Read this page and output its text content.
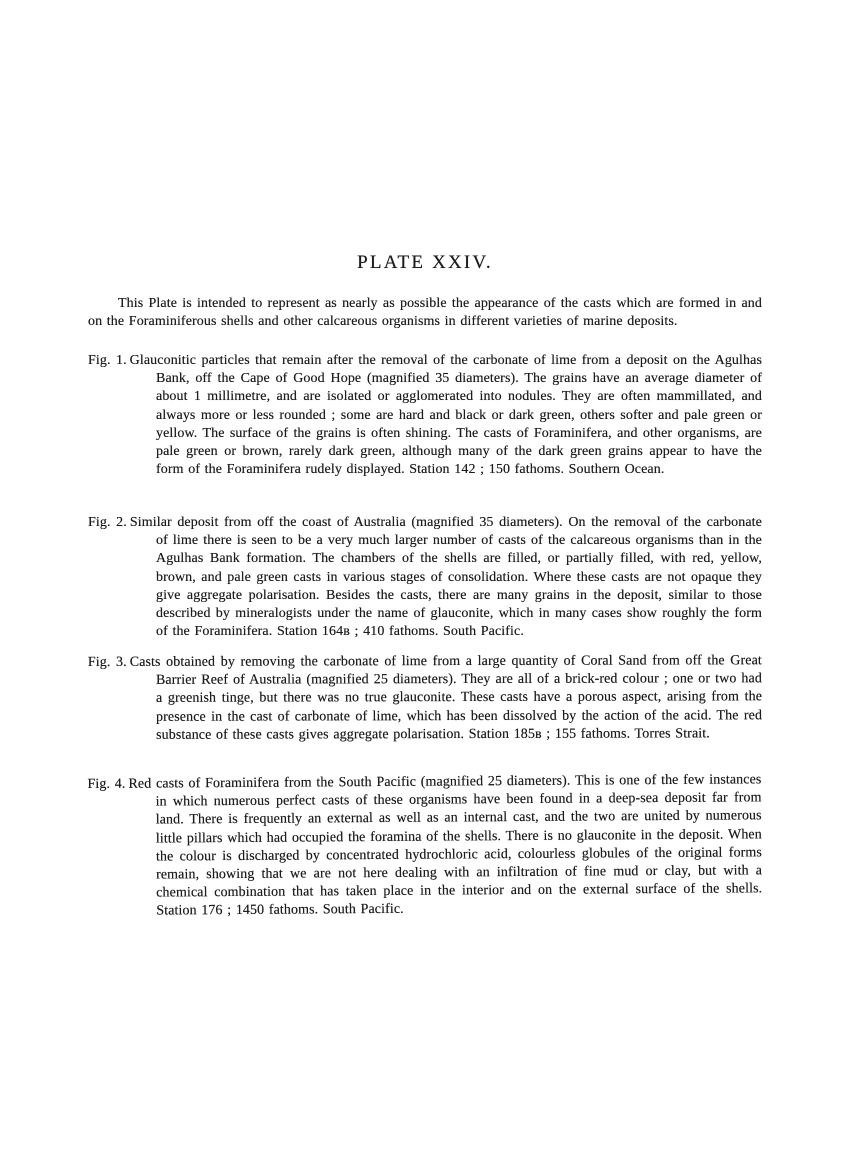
PLATE XXIV.

This Plate is intended to represent as nearly as possible the appearance of the casts which are formed in and on the Foraminiferous shells and other calcareous organisms in different varieties of marine deposits.

Fig. 1. Glauconitic particles that remain after the removal of the carbonate of lime from a deposit on the Agulhas Bank, off the Cape of Good Hope (magnified 35 diameters). The grains have an average diameter of about 1 millimetre, and are isolated or agglomerated into nodules. They are often mammillated, and always more or less rounded ; some are hard and black or dark green, others softer and pale green or yellow. The surface of the grains is often shining. The casts of Foraminifera, and other organisms, are pale green or brown, rarely dark green, although many of the dark green grains appear to have the form of the Foraminifera rudely displayed. Station 142 ; 150 fathoms. Southern Ocean.

Fig. 2. Similar deposit from off the coast of Australia (magnified 35 diameters). On the removal of the carbonate of lime there is seen to be a very much larger number of casts of the calcareous organisms than in the Agulhas Bank formation. The chambers of the shells are filled, or partially filled, with red, yellow, brown, and pale green casts in various stages of consolidation. Where these casts are not opaque they give aggregate polarisation. Besides the casts, there are many grains in the deposit, similar to those described by mineralogists under the name of glauconite, which in many cases show roughly the form of the Foraminifera. Station 164ʙ ; 410 fathoms. South Pacific.

Fig. 3. Casts obtained by removing the carbonate of lime from a large quantity of Coral Sand from off the Great Barrier Reef of Australia (magnified 25 diameters). They are all of a brick-red colour ; one or two had a greenish tinge, but there was no true glauconite. These casts have a porous aspect, arising from the presence in the cast of carbonate of lime, which has been dissolved by the action of the acid. The red substance of these casts gives aggregate polarisation. Station 185ʙ ; 155 fathoms. Torres Strait.

Fig. 4. Red casts of Foraminifera from the South Pacific (magnified 25 diameters). This is one of the few instances in which numerous perfect casts of these organisms have been found in a deep-sea deposit far from land. There is frequently an external as well as an internal cast, and the two are united by numerous little pillars which had occupied the foramina of the shells. There is no glauconite in the deposit. When the colour is discharged by concentrated hydrochloric acid, colourless globules of the original forms remain, showing that we are not here dealing with an infiltration of fine mud or clay, but with a chemical combination that has taken place in the interior and on the external surface of the shells. Station 176 ; 1450 fathoms. South Pacific.
